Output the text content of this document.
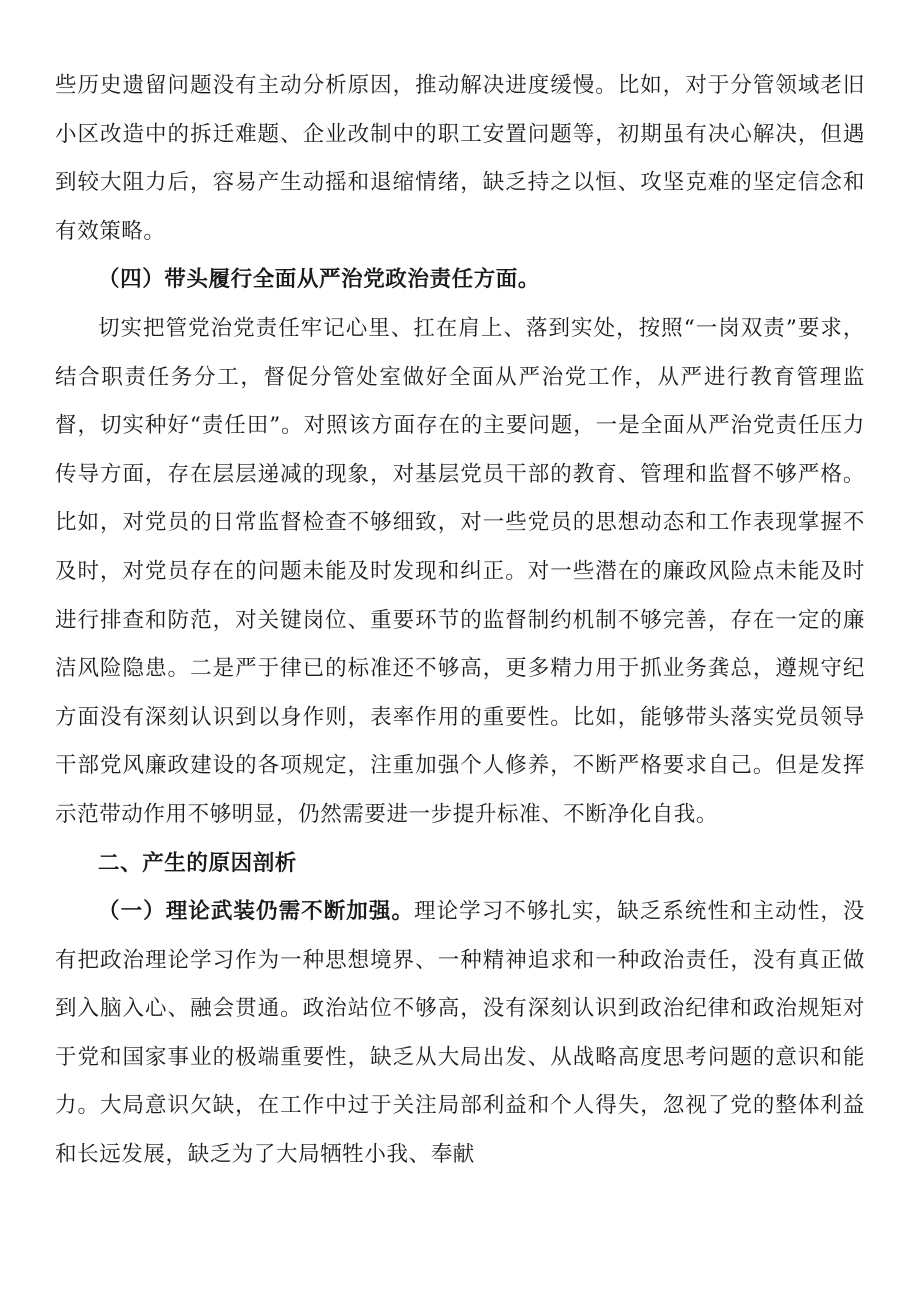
些历史遗留问题没有主动分析原因，推动解决进度缓慢。比如，对于分管领域老旧小区改造中的拆迁难题、企业改制中的职工安置问题等，初期虽有决心解决，但遇到较大阻力后，容易产生动摇和退缩情绪，缺乏持之以恒、攻坚克难的坚定信念和有效策略。

（四）带头履行全面从严治党政治责任方面。

切实把管党治党责任牢记心里、扛在肩上、落到实处，按照“一岗双责”要求，结合职责任务分工，督促分管处室做好全面从严治党工作，从严进行教育管理监督，切实种好“责任田”。对照该方面存在的主要问题，一是全面从严治党责任压力传导方面，存在层层递减的现象，对基层党员干部的教育、管理和监督不够严格。比如，对党员的日常监督检查不够细致，对一些党员的思想动态和工作表现掌握不及时，对党员存在的问题未能及时发现和纠正。对一些潜在的廉政风险点未能及时进行排查和防范，对关键岗位、重要环节的监督制约机制不够完善，存在一定的廉洁风险隐患。二是严于律已的标准还不够高，更多精力用于抓业务龚总，遵规守纪方面没有深刻认识到以身作则，表率作用的重要性。比如，能够带头落实党员领导干部党风廉政建设的各项规定，注重加强个人修养，不断严格要求自己。但是发挥示范带动作用不够明显，仍然需要进一步提升标准、不断净化自我。

二、产生的原因剖析

（一）理论武装仍需不断加强。理论学习不够扎实，缺乏系统性和主动性，没有把政治理论学习作为一种思想境界、一种精神追求和一种政治责任，没有真正做到入脑入心、融会贯通。政治站位不够高，没有深刻认识到政治纪律和政治规矩对于党和国家事业的极端重要性，缺乏从大局出发、从战略高度思考问题的意识和能力。大局意识欠缺，在工作中过于关注局部利益和个人得失，忽视了党的整体利益和长远发展，缺乏为了大局牺牲小我、奉献
